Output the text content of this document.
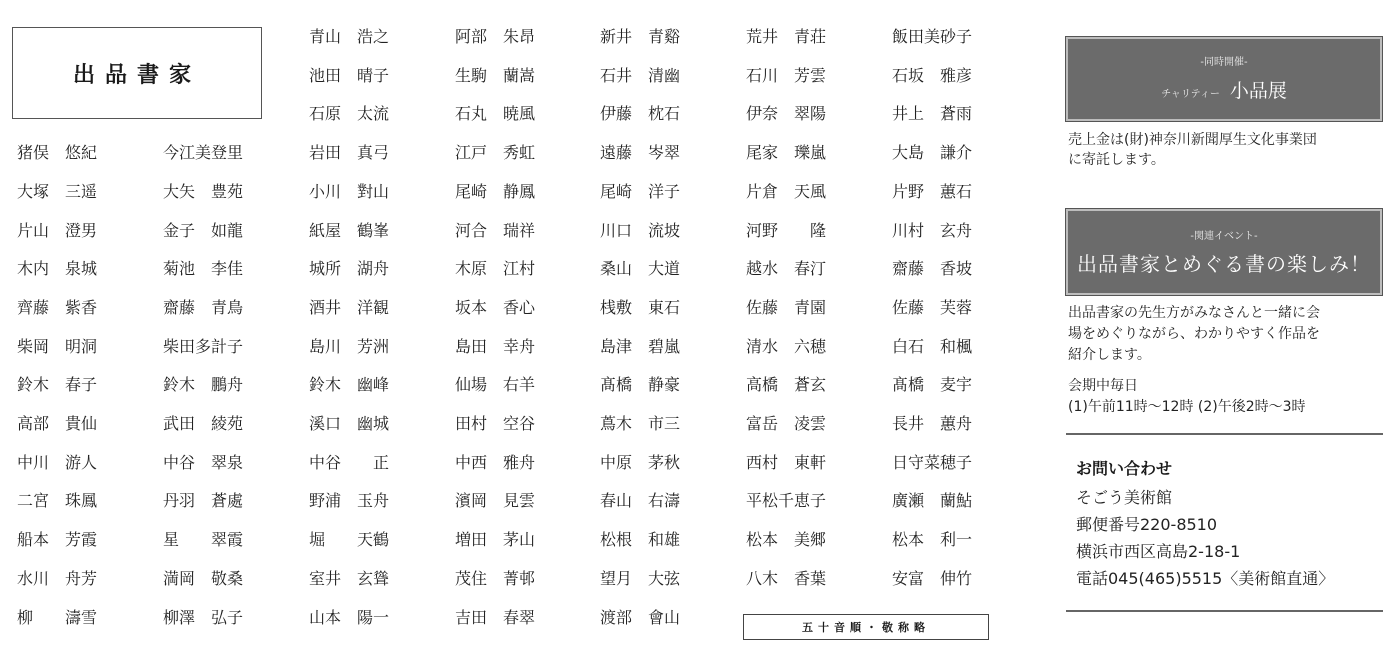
出品書家
猪俣　悠紀
大塚　三遥
片山　澄男
木内　泉城
齊藤　紫香
柴岡　明洞
鈴木　春子
高部　貴仙
中川　游人
二宮　珠鳳
船本　芳霞
水川　舟芳
柳　　濤雪
今江美登里
大矢　豊苑
金子　如龍
菊池　李佳
齋藤　青鳥
柴田多計子
鈴木　鵬舟
武田　綾苑
中谷　翠泉
丹羽　蒼處
星　　翠霞
満岡　敬桑
柳澤　弘子
青山　浩之
池田　晴子
石原　太流
岩田　真弓
小川　對山
紙屋　鶴峯
城所　湖舟
酒井　洋観
島川　芳洲
鈴木　幽峰
溪口　幽城
中谷　　正
野浦　玉舟
堀　　天鶴
室井　玄聳
山本　陽一
阿部　朱昂
生駒　蘭嵩
石丸　暁風
江戸　秀虹
尾崎　静鳳
河合　瑞祥
木原　江村
坂本　香心
島田　幸舟
仙場　右羊
田村　空谷
中西　雅舟
濱岡　見雲
増田　茅山
茂住　菁邨
吉田　春翠
新井　青谿
石井　清幽
伊藤　枕石
遠藤　岑翠
尾崎　洋子
川口　流坡
桑山　大道
桟敷　東石
島津　碧嵐
髙橋　静豪
蔦木　市三
中原　茅秋
春山　右濤
松根　和雄
望月　大弦
渡部　會山
荒井　青荘
石川　芳雲
伊奈　翠陽
尾家　瓅嵐
片倉　天風
河野　　隆
越水　春汀
佐藤　青園
清水　六穂
高橋　蒼玄
富岳　凌雲
西村　東軒
平松千恵子
松本　美郷
八木　香葉
飯田美砂子
石坂　雅彦
井上　蒼雨
大島　謙介
片野　蕙石
川村　玄舟
齋藤　香坡
佐藤　芙蓉
白石　和楓
髙橋　麦宇
長井　蕙舟
日守菜穂子
廣瀬　蘭鮎
松本　利一
安富　伸竹
五十音順・敬称略
-同時開催-
チャリティー 小品展
売上金は(財)神奈川新聞厚生文化事業団
に寄託します。
-関連イベント-
出品書家とめぐる書の楽しみ！
出品書家の先生方がみなさんと一緒に会
場をめぐりながら、わかりやすく作品を
紹介します。
会期中毎日
(1)午前11時～12時 (2)午後2時～3時
お問い合わせ
そごう美術館
郵便番号220-8510
横浜市西区高島2-18-1
電話045(465)5515〈美術館直通〉
